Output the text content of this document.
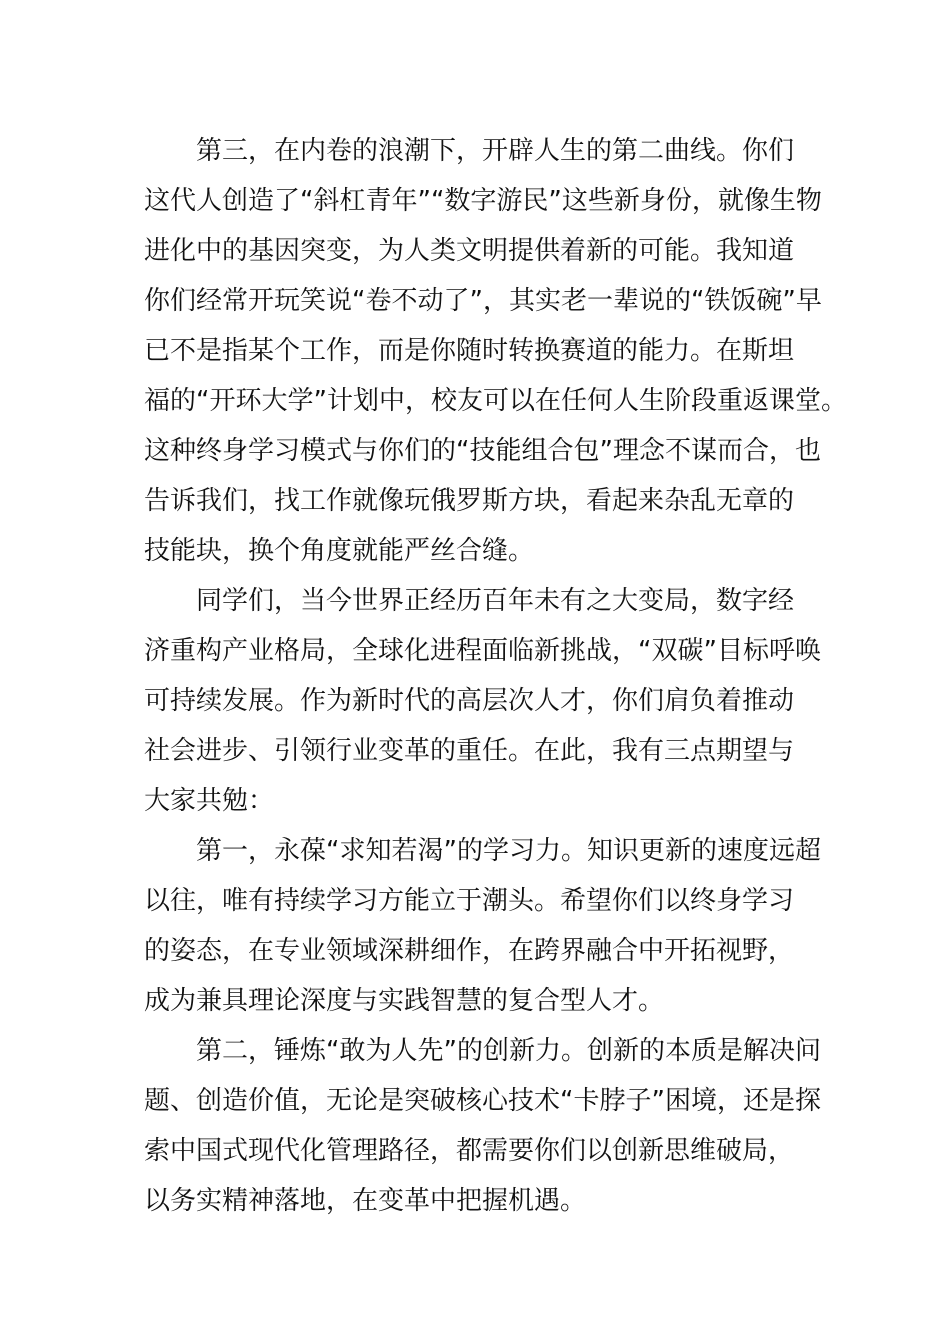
第三，在内卷的浪潮下，开辟人生的第二曲线。你们
这代人创造了“斜杠青年”“数字游民”这些新身份，就像生物
进化中的基因突变，为人类文明提供着新的可能。我知道
你们经常开玩笑说“卷不动了”，其实老一辈说的“铁饭碗”早
已不是指某个工作，而是你随时转换赛道的能力。在斯坦
福的“开环大学”计划中，校友可以在任何人生阶段重返课堂。
这种终身学习模式与你们的“技能组合包”理念不谋而合，也
告诉我们，找工作就像玩俄罗斯方块，看起来杂乱无章的
技能块，换个角度就能严丝合缝。
同学们，当今世界正经历百年未有之大变局，数字经
济重构产业格局，全球化进程面临新挑战，“双碳”目标呼唤
可持续发展。作为新时代的高层次人才，你们肩负着推动
社会进步、引领行业变革的重任。在此，我有三点期望与
大家共勉：
第一，永葆“求知若渴”的学习力。知识更新的速度远超
以往，唯有持续学习方能立于潮头。希望你们以终身学习
的姿态，在专业领域深耕细作，在跨界融合中开拓视野，
成为兼具理论深度与实践智慧的复合型人才。
第二，锤炼“敢为人先”的创新力。创新的本质是解决问
题、创造价值，无论是突破核心技术“卡脖子”困境，还是探
索中国式现代化管理路径，都需要你们以创新思维破局，
以务实精神落地，在变革中把握机遇。
